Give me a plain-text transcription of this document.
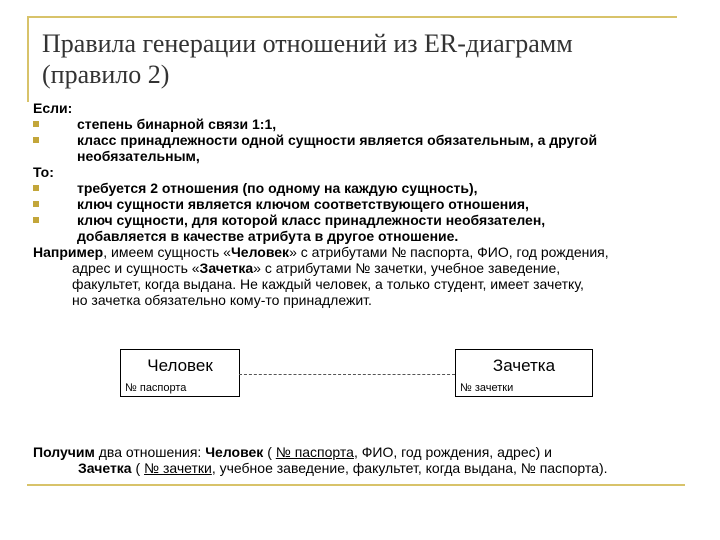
Правила генерации отношений из ER-диаграмм
(правило 2)
Если:
степень бинарной связи 1:1,
класс принадлежности одной сущности является обязательным, а другой
необязательным,
То:
требуется 2 отношения (по одному на каждую сущность),
ключ сущности является ключом соответствующего отношения,
ключ сущности, для которой класс принадлежности необязателен,
добавляется в качестве атрибута в другое отношение.
Например, имеем сущность «Человек» с атрибутами № паспорта, ФИО, год рождения,
адрес и сущность «Зачетка» с атрибутами № зачетки, учебное заведение,
факультет, когда выдана. Не каждый человек, а только студент, имеет зачетку,
но зачетка обязательно кому-то принадлежит.
Человек
№ паспорта
Зачетка
№ зачетки
Получим два отношения: Человек ( № паспорта, ФИО, год рождения, адрес) и
Зачетка ( № зачетки, учебное заведение, факультет, когда выдана, № паспорта).
